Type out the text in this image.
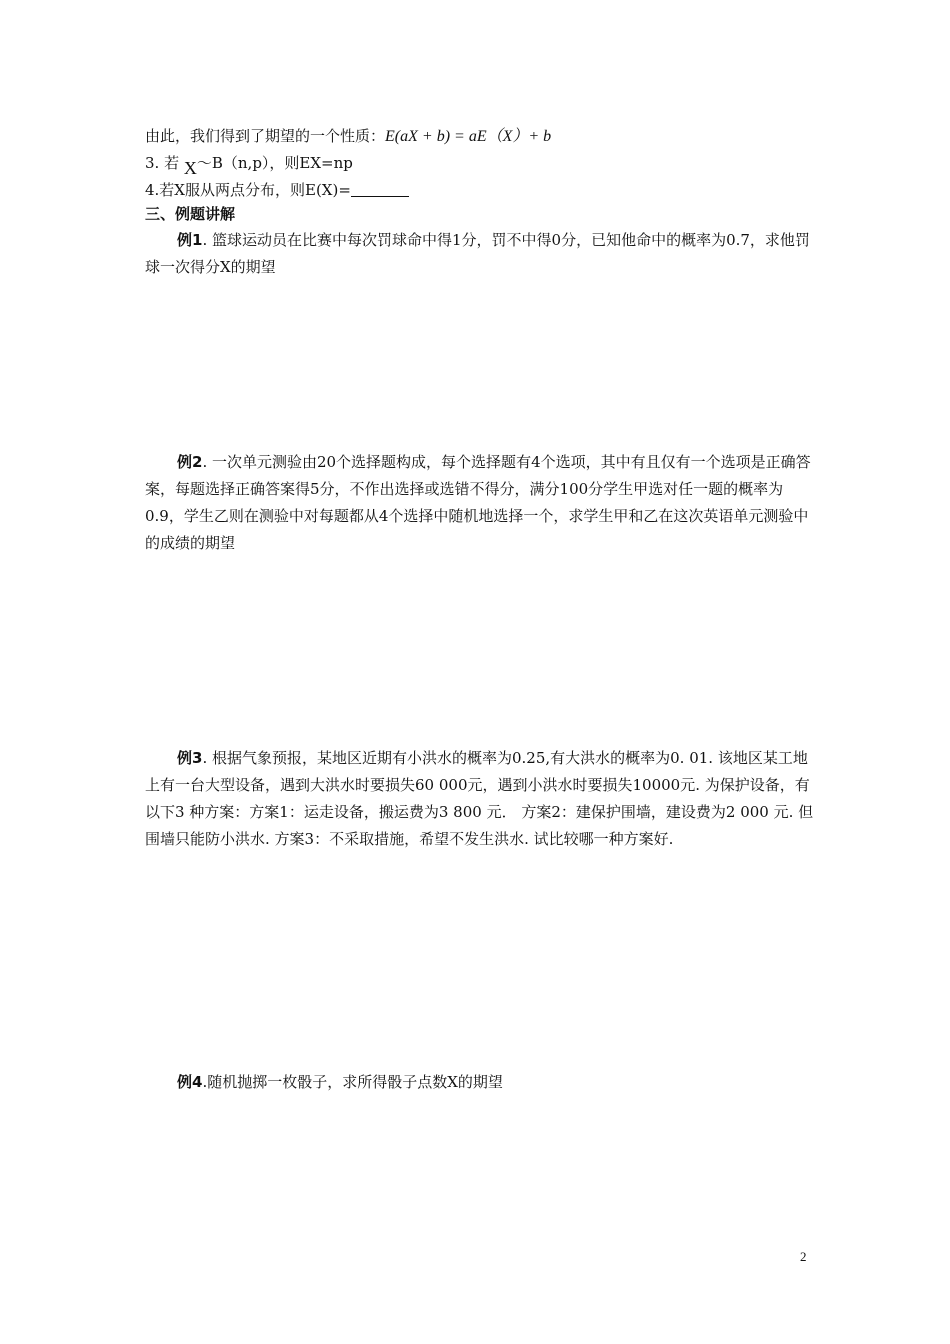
由此，我们得到了期望的一个性质：E(aX + b) = aE（X）+ b
3. 若 X～B（n,p），则EX=np
4.若X服从两点分布，则E(X)=
三、例题讲解
例1. 篮球运动员在比赛中每次罚球命中得1分，罚不中得0分，已知他命中的概率为0.7，求他罚球一次得分X的期望
例2. 一次单元测验由20个选择题构成，每个选择题有4个选项，其中有且仅有一个选项是正确答案，每题选择正确答案得5分，不作出选择或选错不得分，满分100分学生甲选对任一题的概率为0.9，学生乙则在测验中对每题都从4个选择中随机地选择一个，求学生甲和乙在这次英语单元测验中的成绩的期望
例3. 根据气象预报，某地区近期有小洪水的概率为0.25,有大洪水的概率为0. 01. 该地区某工地上有一台大型设备，遇到大洪水时要损失60 000元，遇到小洪水时要损失10000元. 为保护设备，有以下3 种方案：方案1：运走设备，搬运费为3 800 元． 方案2：建保护围墙，建设费为2 000 元. 但围墙只能防小洪水. 方案3：不采取措施，希望不发生洪水. 试比较哪一种方案好.
例4.随机抛掷一枚骰子，求所得骰子点数X的期望
2
